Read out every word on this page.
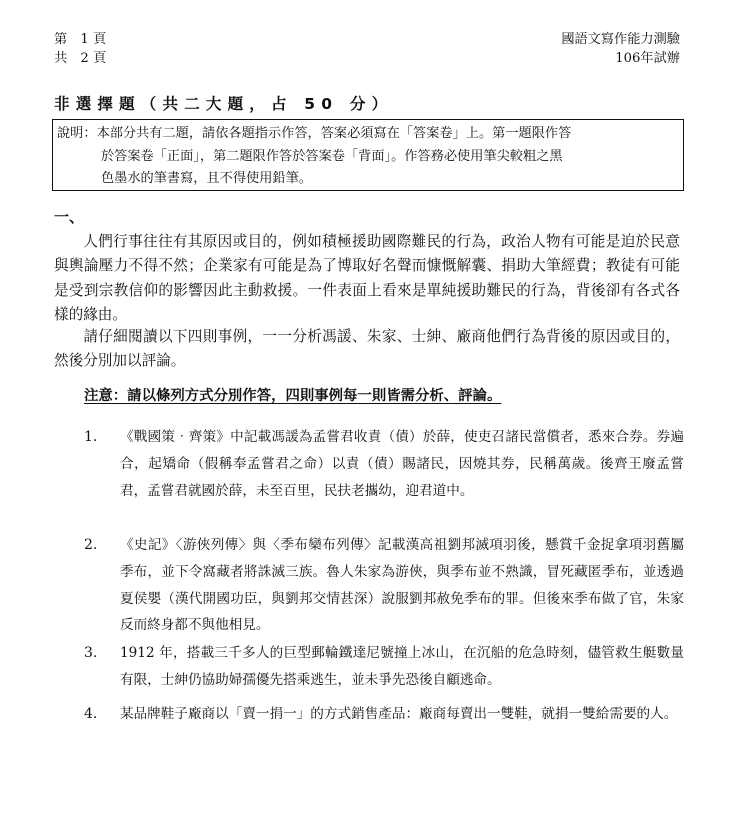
第　1 頁
共　2 頁
國語文寫作能力測驗
106年試辦
非選擇題（共二大題，占 50 分）
說明： 本部分共有二題，請依各題指示作答，答案必須寫在「答案卷」上。第一題限作答
於答案卷「正面」，第二題限作答於答案卷「背面」。作答務必使用筆尖較粗之黑
色墨水的筆書寫，且不得使用鉛筆。
一、
人們行事往往有其原因或目的，例如積極援助國際難民的行為，政治人物有可能是迫於民意與輿論壓力不得不然；企業家有可能是為了博取好名聲而慷慨解囊、捐助大筆經費；教徒有可能是受到宗教信仰的影響因此主動救援。一件表面上看來是單純援助難民的行為，背後卻有各式各樣的緣由。
請仔細閱讀以下四則事例，一一分析馮諼、朱家、士紳、廠商他們行為背後的原因或目的，然後分別加以評論。
注意：請以條列方式分別作答，四則事例每一則皆需分析、評論。
1.	《戰國策‧齊策》中記載馮諼為孟嘗君收責（債）於薛，使吏召諸民當償者，悉來合券。券遍合，起矯命（假稱奉孟嘗君之命）以責（債）賜諸民，因燒其券，民稱萬歲。後齊王廢孟嘗君，孟嘗君就國於薛，未至百里，民扶老攜幼，迎君道中。
2.	《史記》〈游俠列傳〉與〈季布欒布列傳〉記載漢高祖劉邦滅項羽後，懸賞千金捉拿項羽舊屬季布，並下令窩藏者將誅滅三族。魯人朱家為游俠，與季布並不熟識，冒死藏匿季布，並透過夏侯嬰（漢代開國功臣，與劉邦交情甚深）說服劉邦赦免季布的罪。但後來季布做了官，朱家反而終身都不與他相見。
3.	1912 年，搭載三千多人的巨型郵輪鐵達尼號撞上冰山，在沉船的危急時刻，儘管救生艇數量有限，士紳仍協助婦孺優先搭乘逃生，並未爭先恐後自顧逃命。
4.	某品牌鞋子廠商以「賣一捐一」的方式銷售產品：廠商每賣出一雙鞋，就捐一雙給需要的人。
